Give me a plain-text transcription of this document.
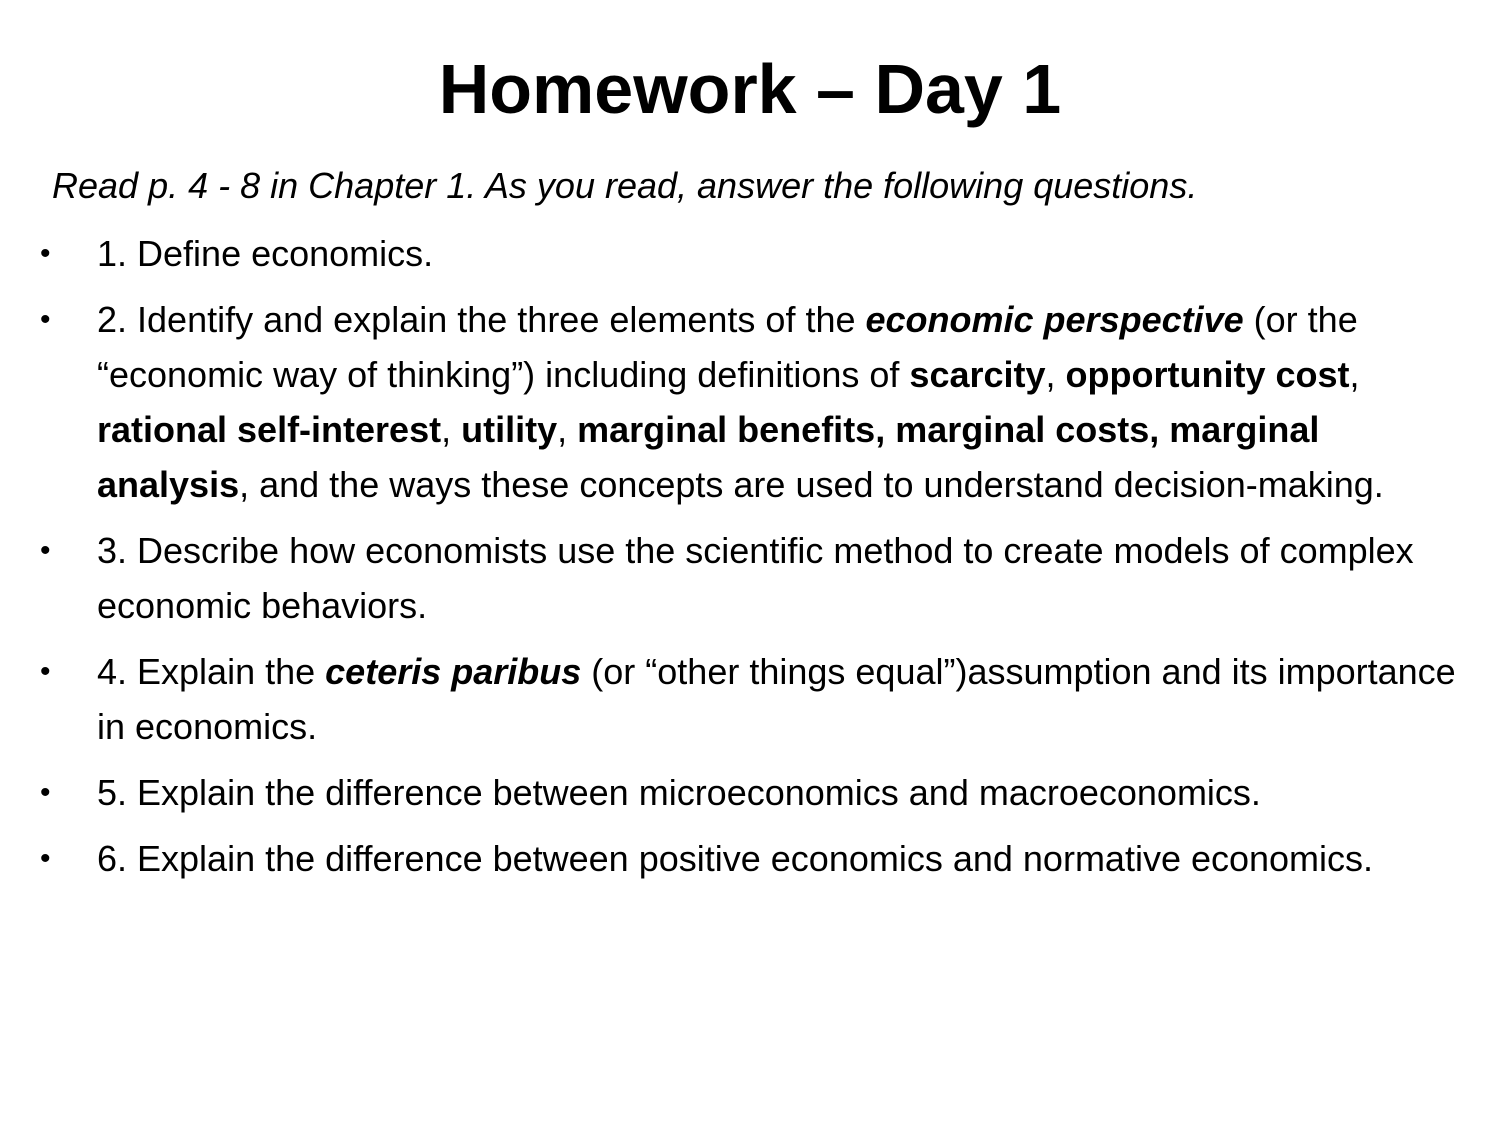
Homework – Day 1
Read p. 4 - 8 in Chapter 1. As you read, answer the following questions.
• 1. Define economics.
• 2. Identify and explain the three elements of the economic perspective (or the “economic way of thinking”) including definitions of scarcity, opportunity cost, rational self-interest, utility, marginal benefits, marginal costs, marginal analysis, and the ways these concepts are used to understand decision-making.
• 3. Describe how economists use the scientific method to create models of complex economic behaviors.
• 4. Explain the ceteris paribus (or “other things equal”)assumption and its importance in economics.
• 5. Explain the difference between microeconomics and macroeconomics.
• 6. Explain the difference between positive economics and normative economics.
